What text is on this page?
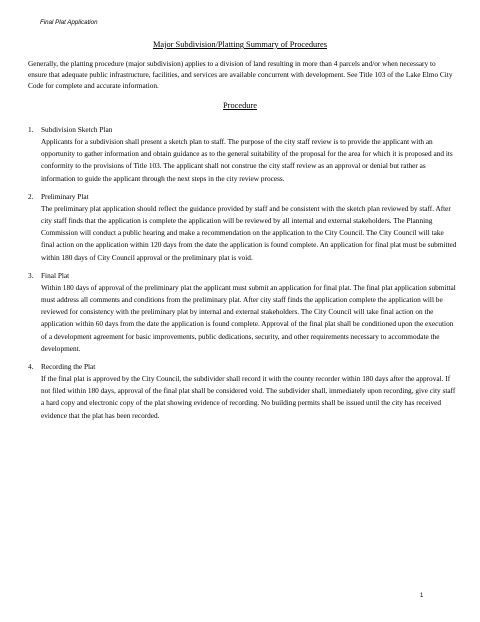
Final Plat Application
Major Subdivision/Platting Summary of Procedures
Generally, the platting procedure (major subdivision) applies to a division of land resulting in more than 4 parcels and/or when necessary to ensure that adequate public infrastructure, facilities, and services are available concurrent with development. See Title 103 of the Lake Elmo City Code for complete and accurate information.
Procedure
1.	Subdivision Sketch Plan
Applicants for a subdivision shall present a sketch plan to staff. The purpose of the city staff review is to provide the applicant with an opportunity to gather information and obtain guidance as to the general suitability of the proposal for the area for which it is proposed and its conformity to the provisions of Title 103. The applicant shall not construe the city staff review as an approval or denial but rather as information to guide the applicant through the next steps in the city review process.
2.	Preliminary Plat
The preliminary plat application should reflect the guidance provided by staff and be consistent with the sketch plan reviewed by staff. After city staff finds that the application is complete the application will be reviewed by all internal and external stakeholders. The Planning Commission will conduct a public hearing and make a recommendation on the application to the City Council. The City Council will take final action on the application within 120 days from the date the application is found complete. An application for final plat must be submitted within 180 days of City Council approval or the preliminary plat is void.
3.	Final Plat
Within 180 days of approval of the preliminary plat the applicant must submit an application for final plat. The final plat application submittal must address all comments and conditions from the preliminary plat. After city staff finds the application complete the application will be reviewed for consistency with the preliminary plat by internal and external stakeholders. The City Council will take final action on the application within 60 days from the date the application is found complete. Approval of the final plat shall be conditioned upon the execution of a development agreement for basic improvements, public dedications, security, and other requirements necessary to accommodate the development.
4.	Recording the Plat
If the final plat is approved by the City Council, the subdivider shall record it with the county recorder within 180 days after the approval. If not filed within 180 days, approval of the final plat shall be considered void. The subdivider shall, immediately upon recording, give city staff a hard copy and electronic copy of the plat showing evidence of recording. No building permits shall be issued until the city has received evidence that the plat has been recorded.
1
